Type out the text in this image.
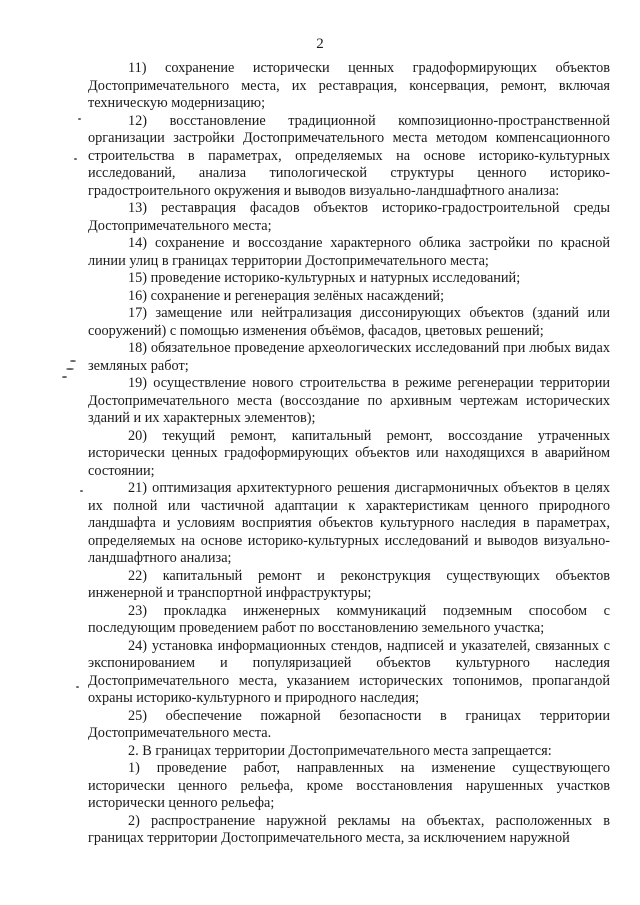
2

11) сохранение исторически ценных градоформирующих объектов Достопримечательного места, их реставрация, консервация, ремонт, включая техническую модернизацию;

12) восстановление традиционной композиционно-пространственной организации застройки Достопримечательного места методом компенсационного строительства в параметрах, определяемых на основе историко-культурных исследований, анализа типологической структуры ценного историко-градостроительного окружения и выводов визуально-ландшафтного анализа:

13) реставрация фасадов объектов историко-градостроительной среды Достопримечательного места;

14) сохранение и воссоздание характерного облика застройки по красной линии улиц в границах территории Достопримечательного места;

15) проведение историко-культурных и натурных исследований;

16) сохранение и регенерация зелёных насаждений;

17) замещение или нейтрализация диссонирующих объектов (зданий или сооружений) с помощью изменения объёмов, фасадов, цветовых решений;

18) обязательное проведение археологических исследований при любых видах земляных работ;

19) осуществление нового строительства в режиме регенерации территории Достопримечательного места (воссоздание по архивным чертежам исторических зданий и их характерных элементов);

20) текущий ремонт, капитальный ремонт, воссоздание утраченных исторически ценных градоформирующих объектов или находящихся в аварийном состоянии;

21) оптимизация архитектурного решения дисгармоничных объектов в целях их полной или частичной адаптации к характеристикам ценного природного ландшафта и условиям восприятия объектов культурного наследия в параметрах, определяемых на основе историко-культурных исследований и выводов визуально-ландшафтного анализа;

22) капитальный ремонт и реконструкция существующих объектов инженерной и транспортной инфраструктуры;

23) прокладка инженерных коммуникаций подземным способом с последующим проведением работ по восстановлению земельного участка;

24) установка информационных стендов, надписей и указателей, связанных с экспонированием и популяризацией объектов культурного наследия Достопримечательного места, указанием исторических топонимов, пропагандой охраны историко-культурного и природного наследия;

25) обеспечение пожарной безопасности в границах территории Достопримечательного места.

2. В границах территории Достопримечательного места запрещается:

1) проведение работ, направленных на изменение существующего исторически ценного рельефа, кроме восстановления нарушенных участков исторически ценного рельефа;

2) распространение наружной рекламы на объектах, расположенных в границах территории Достопримечательного места, за исключением наружной
